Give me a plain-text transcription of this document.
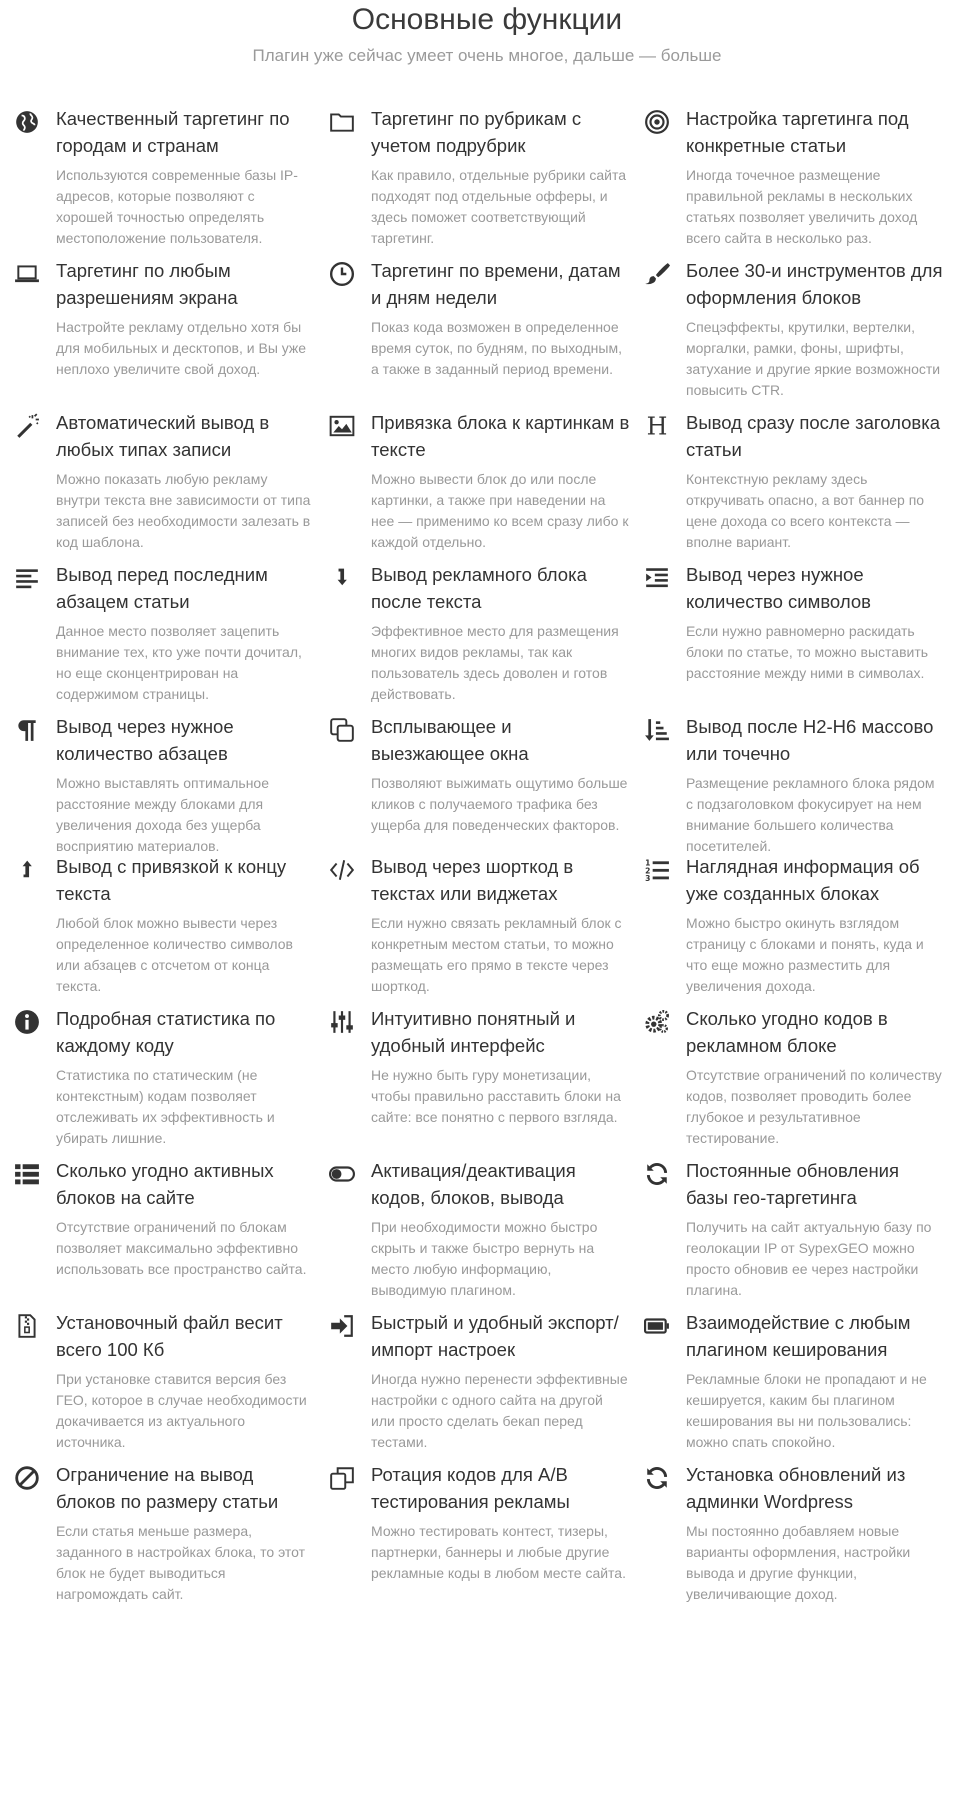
Основные функции

Плагин уже сейчас умеет очень многое, дальше — больше

Качественный таргетинг по городам и странам

Используются современные базы IP-адресов, которые позволяют с хорошей точностью определять местоположение пользователя.

Таргетинг по рубрикам с учетом подрубрик

Как правило, отдельные рубрики сайта подходят под отдельные офферы, и здесь поможет соответствующий таргетинг.

Настройка таргетинга под конкретные статьи

Иногда точечное размещение правильной рекламы в нескольких статьях позволяет увеличить доход всего сайта в несколько раз.

Таргетинг по любым разрешениям экрана

Настройте рекламу отдельно хотя бы для мобильных и десктопов, и Вы уже неплохо увеличите свой доход.

Таргетинг по времени, датам и дням недели

Показ кода возможен в определенное время суток, по будням, по выходным, а также в заданный период времени.

Более 30-и инструментов для оформления блоков

Спецэффекты, крутилки, вертелки, моргалки, рамки, фоны, шрифты, затухание и другие яркие возможности повысить CTR.

Автоматический вывод в любых типах записи

Можно показать любую рекламу внутри текста вне зависимости от типа записей без необходимости залезать в код шаблона.

Привязка блока к картинкам в тексте

Можно вывести блок до или после картинки, а также при наведении на нее — применимо ко всем сразу либо к каждой отдельно.

Вывод сразу после заголовка статьи

Контекстную рекламу здесь откручивать опасно, а вот баннер по цене дохода со всего контекста — вполне вариант.

Вывод перед последним абзацем статьи

Данное место позволяет зацепить внимание тех, кто уже почти дочитал, но еще сконцентрирован на содержимом страницы.

Вывод рекламного блока после текста

Эффективное место для размещения многих видов рекламы, так как пользователь здесь доволен и готов действовать.

Вывод через нужное количество символов

Если нужно равномерно раскидать блоки по статье, то можно выставить расстояние между ними в символах.

Вывод через нужное количество абзацев

Можно выставлять оптимальное расстояние между блоками для увеличения дохода без ущерба восприятию материалов.

Всплывающее и выезжающее окна

Позволяют выжимать ощутимо больше кликов с получаемого трафика без ущерба для поведенческих факторов.

Вывод после H2-H6 массово или точечно

Размещение рекламного блока рядом с подзаголовком фокусирует на нем внимание большего количества посетителей.

Вывод с привязкой к концу текста

Любой блок можно вывести через определенное количество символов или абзацев с отсчетом от конца текста.

Вывод через шорткод в текстах или виджетах

Если нужно связать рекламный блок с конкретным местом статьи, то можно размещать его прямо в тексте через шорткод.

Наглядная информация об уже созданных блоках

Можно быстро окинуть взглядом страницу с блоками и понять, куда и что еще можно разместить для увеличения дохода.

Подробная статистика по каждому коду

Статистика по статическим (не контекстным) кодам позволяет отслеживать их эффективность и убирать лишние.

Интуитивно понятный и удобный интерфейс

Не нужно быть гуру монетизации, чтобы правильно расставить блоки на сайте: все понятно с первого взгляда.

Сколько угодно кодов в рекламном блоке

Отсутствие ограничений по количеству кодов, позволяет проводить более глубокое и результативное тестирование.

Сколько угодно активных блоков на сайте

Отсутствие ограничений по блокам позволяет максимально эффективно использовать все пространство сайта.

Активация/деактивация кодов, блоков, вывода

При необходимости можно быстро скрыть и также быстро вернуть на место любую информацию, выводимую плагином.

Постоянные обновления базы гео-таргетинга

Получить на сайт актуальную базу по геолокации IP от SypexGEO можно просто обновив ее через настройки плагина.

Установочный файл весит всего 100 Кб

При установке ставится версия без ГЕО, которое в случае необходимости докачивается из актуального источника.

Быстрый и удобный экспорт/импорт настроек

Иногда нужно перенести эффективные настройки с одного сайта на другой или просто сделать бекап перед тестами.

Взаимодействие с любым плагином кеширования

Рекламные блоки не пропадают и не кешируется, каким бы плагином кеширования вы ни пользовались: можно спать спокойно.

Ограничение на вывод блоков по размеру статьи

Если статья меньше размера, заданного в настройках блока, то этот блок не будет выводиться нагромождать сайт.

Ротация кодов для A/B тестирования рекламы

Можно тестировать контест, тизеры, партнерки, баннеры и любые другие рекламные коды в любом месте сайта.

Установка обновлений из админки Wordpress

Мы постоянно добавляем новые варианты оформления, настройки вывода и другие функции, увеличивающие доход.
